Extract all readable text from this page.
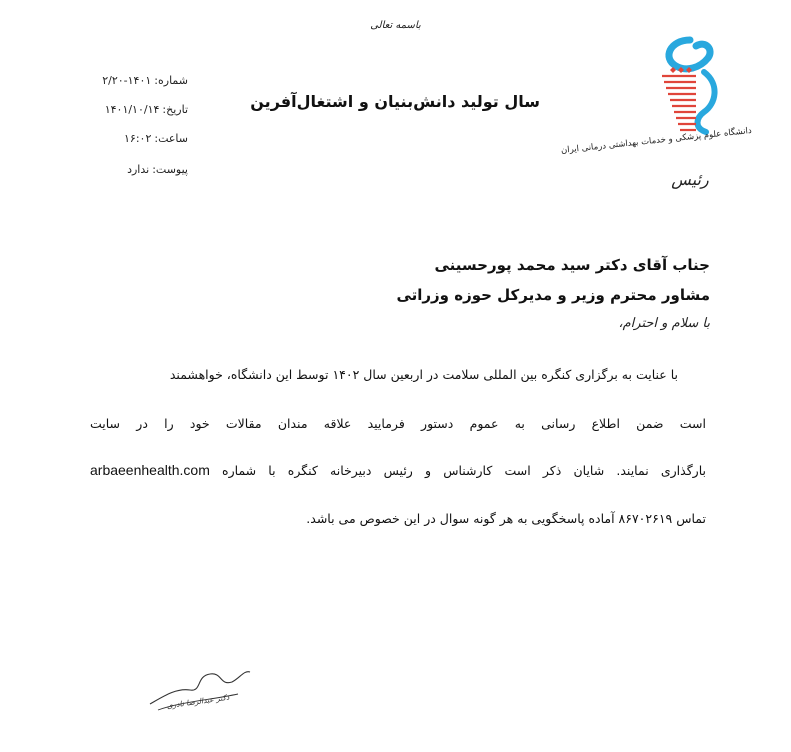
باسمه تعالی
سال تولید دانش‌بنیان و اشتغال‌آفرین
شماره:۱۴۰۱-۲/۲۰
تاریخ:۱۴۰۱/۱۰/۱۴
ساعت:۱۶:۰۲
پیوست:ندارد
دانشگاه علوم پزشکی و خدمات بهداشتی درمانی ایران
رئیس
جناب آقای دکتر سید محمد پورحسینی
مشاور محترم وزیر و مدیرکل حوزه وزراتی
با سلام و احترام،
با عنایت به برگزاری کنگره بین المللی سلامت در اربعین سال ۱۴۰۲ توسط این دانشگاه، خواهشمند
است ضمن اطلاع رسانی به عموم دستور فرمایید علاقه مندان مقالات خود را در سایت
بارگذاری نمایند. شایان ذکر است کارشناس و رئیس دبیرخانه کنگره با شماره arbaeenhealth.com
تماس ۸۶۷۰۲۶۱۹ آماده پاسخگویی به هر گونه سوال در این خصوص می باشد.
دکتر عبدالرضا نادری
